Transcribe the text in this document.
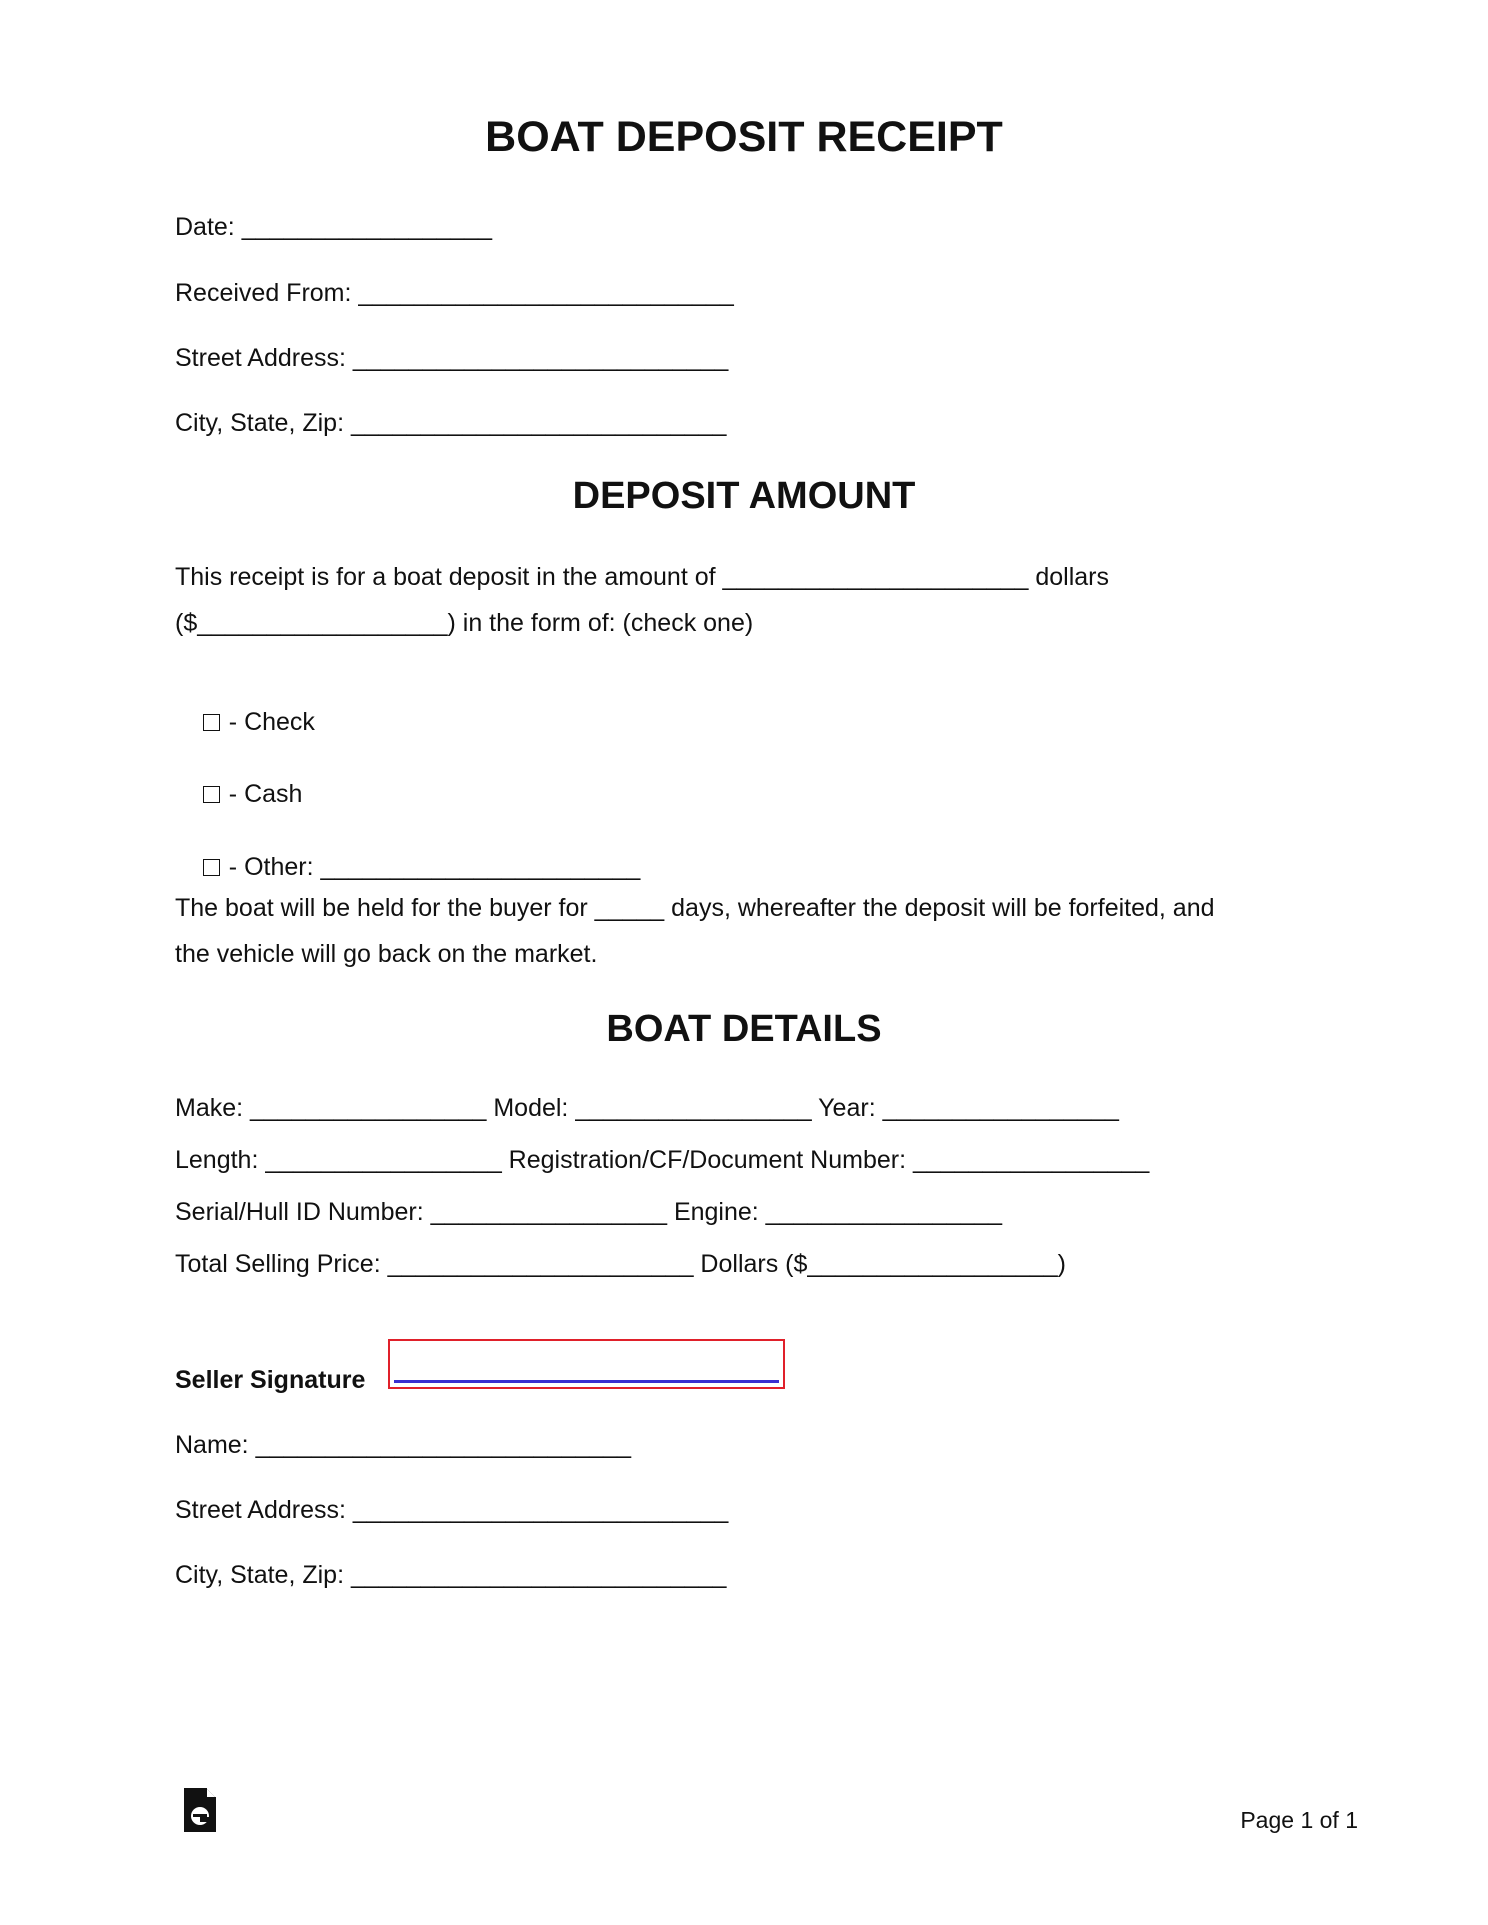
BOAT DEPOSIT RECEIPT
Date: __________________
Received From: ___________________________
Street Address: ___________________________
City, State, Zip: ___________________________
DEPOSIT AMOUNT
This receipt is for a boat deposit in the amount of ______________________ dollars
($__________________) in the form of: (check one)

- Check

- Cash

- Other: _______________________

The boat will be held for the buyer for _____ days, whereafter the deposit will be forfeited, and
the vehicle will go back on the market.
BOAT DETAILS
Make: _________________ Model: _________________ Year: _________________
Length: _________________ Registration/CF/Document Number: _________________
Serial/Hull ID Number: _________________ Engine: _________________
Total Selling Price: ______________________ Dollars ($__________________)
Seller Signature
Name: ___________________________
Street Address: ___________________________
City, State, Zip: ___________________________
Page 1 of 1
